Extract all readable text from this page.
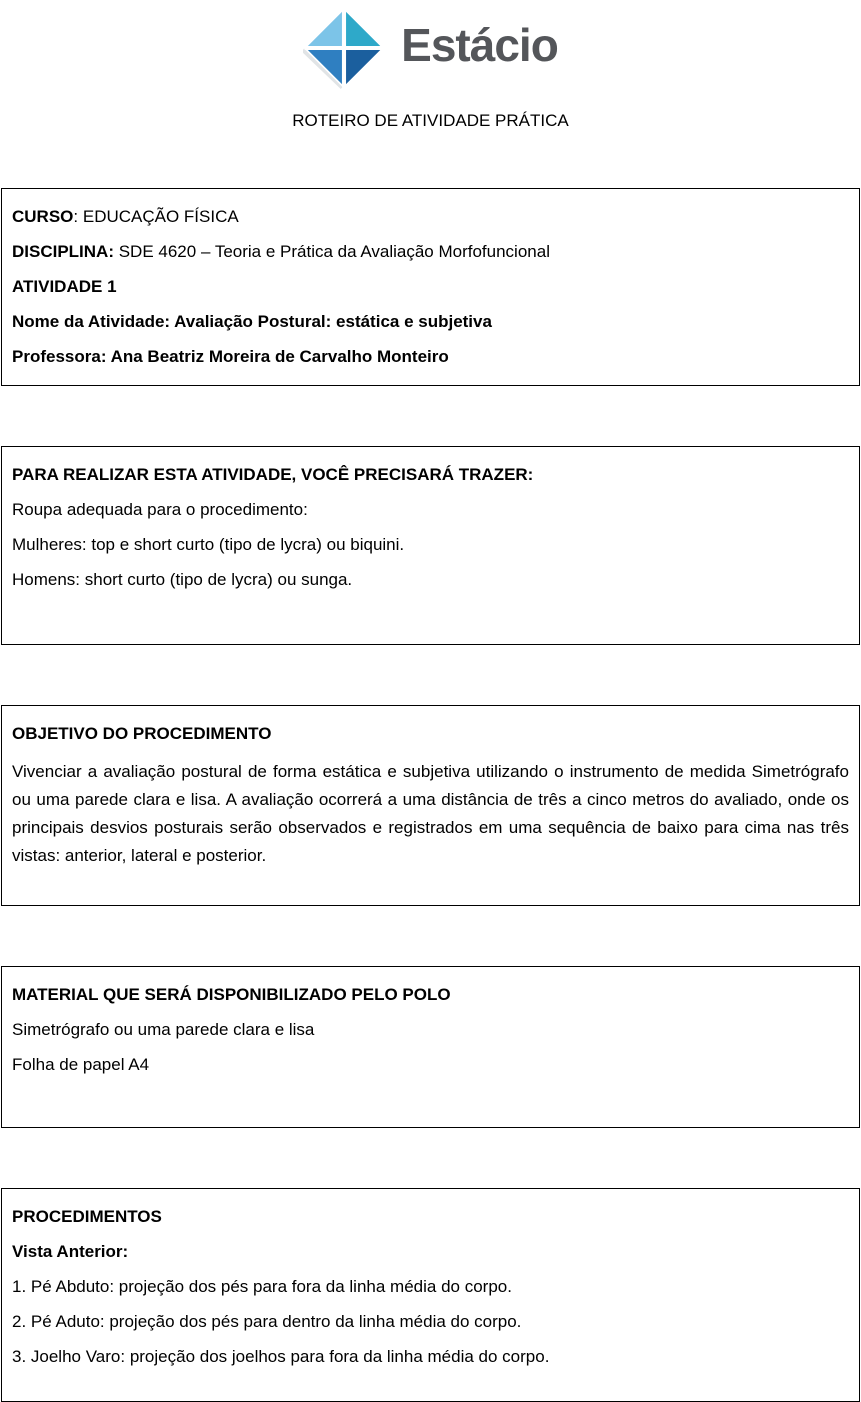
Estácio
ROTEIRO DE ATIVIDADE PRÁTICA

CURSO: EDUCAÇÃO FÍSICA

DISCIPLINA: SDE 4620 – Teoria e Prática da Avaliação Morfofuncional

ATIVIDADE 1

Nome da Atividade: Avaliação Postural: estática e subjetiva

Professora: Ana Beatriz Moreira de Carvalho Monteiro

PARA REALIZAR ESTA ATIVIDADE, VOCÊ PRECISARÁ TRAZER:

Roupa adequada para o procedimento:

Mulheres: top e short curto (tipo de lycra) ou biquini.

Homens: short curto (tipo de lycra) ou sunga.

OBJETIVO DO PROCEDIMENTO

Vivenciar a avaliação postural de forma estática e subjetiva utilizando o instrumento de medida Simetrógrafo ou uma parede clara e lisa. A avaliação ocorrerá a uma distância de três a cinco metros do avaliado, onde os principais desvios posturais serão observados e registrados em uma sequência de baixo para cima nas três vistas: anterior, lateral e posterior.

MATERIAL QUE SERÁ DISPONIBILIZADO PELO POLO

Simetrógrafo ou uma parede clara e lisa

Folha de papel A4

PROCEDIMENTOS

Vista Anterior:

1. Pé Abduto: projeção dos pés para fora da linha média do corpo.

2. Pé Aduto: projeção dos pés para dentro da linha média do corpo.

3. Joelho Varo: projeção dos joelhos para fora da linha média do corpo.
